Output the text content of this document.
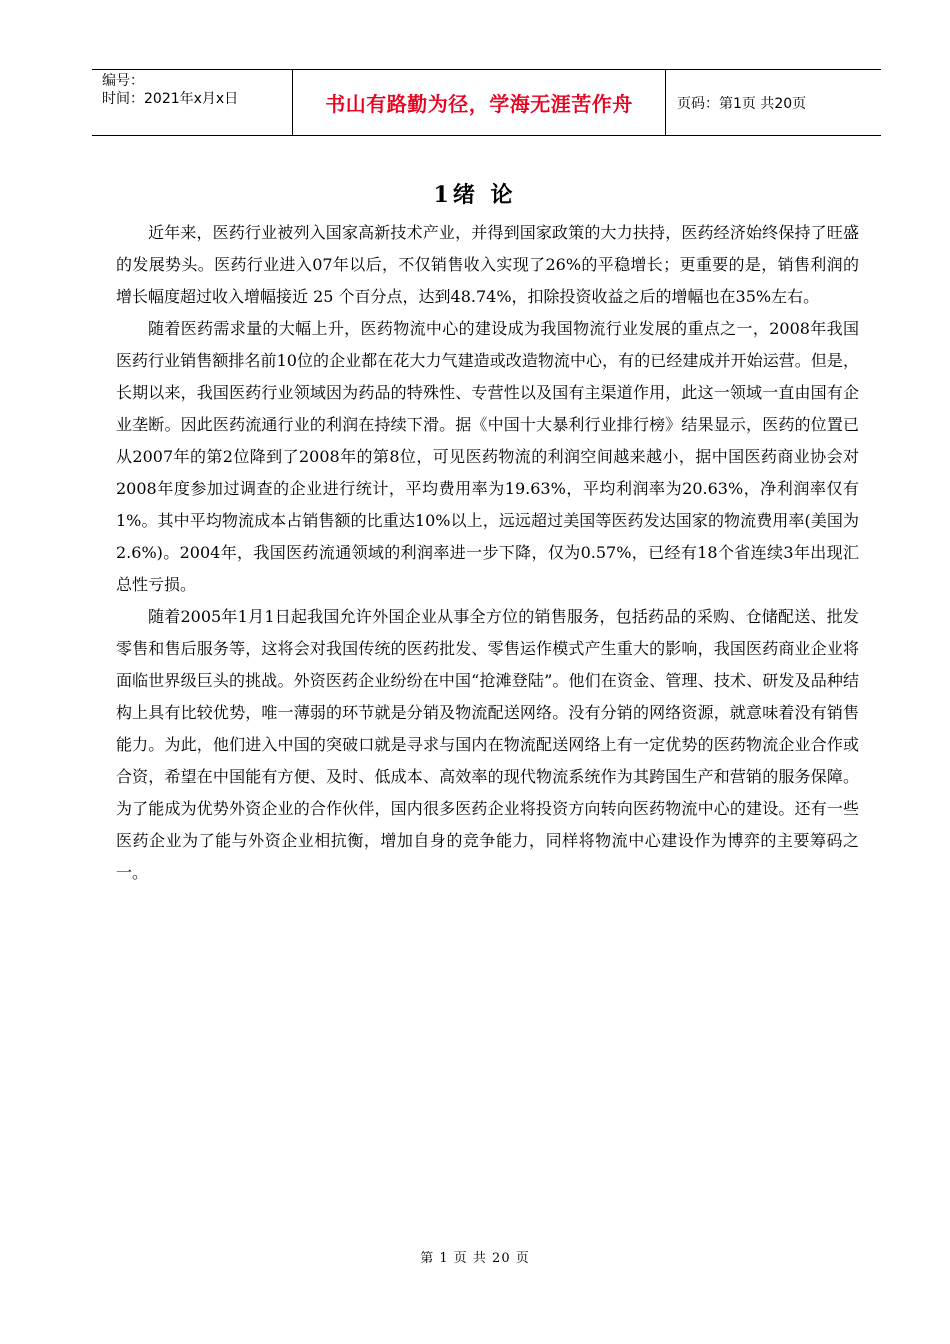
编号：
时间：2021年x月x日	书山有路勤为径，学海无涯苦作舟	页码：第1页 共20页
1绪 论

近年来，医药行业被列入国家高新技术产业，并得到国家政策的大力扶持，医药经济始终保持了旺盛的发展势头。医药行业进入07年以后，不仅销售收入实现了26%的平稳增长；更重要的是，销售利润的增长幅度超过收入增幅接近 25 个百分点，达到48.74%，扣除投资收益之后的增幅也在35%左右。

随着医药需求量的大幅上升，医药物流中心的建设成为我国物流行业发展的重点之一，2008年我国医药行业销售额排名前10位的企业都在花大力气建造或改造物流中心，有的已经建成并开始运营。但是，长期以来，我国医药行业领域因为药品的特殊性、专营性以及国有主渠道作用，此这一领域一直由国有企业垄断。因此医药流通行业的利润在持续下滑。据《中国十大暴利行业排行榜》结果显示，医药的位置已从2007年的第2位降到了2008年的第8位，可见医药物流的利润空间越来越小，据中国医药商业协会对2008年度参加过调查的企业进行统计，平均费用率为19.63%，平均利润率为20.63%，净利润率仅有1%。其中平均物流成本占销售额的比重达10%以上，远远超过美国等医药发达国家的物流费用率(美国为2.6%)。2004年，我国医药流通领域的利润率进一步下降，仅为0.57%，已经有18个省连续3年出现汇总性亏损。

随着2005年1月1日起我国允许外国企业从事全方位的销售服务，包括药品的采购、仓储配送、批发零售和售后服务等，这将会对我国传统的医药批发、零售运作模式产生重大的影响，我国医药商业企业将面临世界级巨头的挑战。外资医药企业纷纷在中国“抢滩登陆”。他们在资金、管理、技术、研发及品种结构上具有比较优势，唯一薄弱的环节就是分销及物流配送网络。没有分销的网络资源，就意味着没有销售能力。为此，他们进入中国的突破口就是寻求与国内在物流配送网络上有一定优势的医药物流企业合作或合资，希望在中国能有方便、及时、低成本、高效率的现代物流系统作为其跨国生产和营销的服务保障。为了能成为优势外资企业的合作伙伴，国内很多医药企业将投资方向转向医药物流中心的建设。还有一些医药企业为了能与外资企业相抗衡，增加自身的竞争能力，同样将物流中心建设作为博弈的主要筹码之一。

第 1 页 共 20 页
